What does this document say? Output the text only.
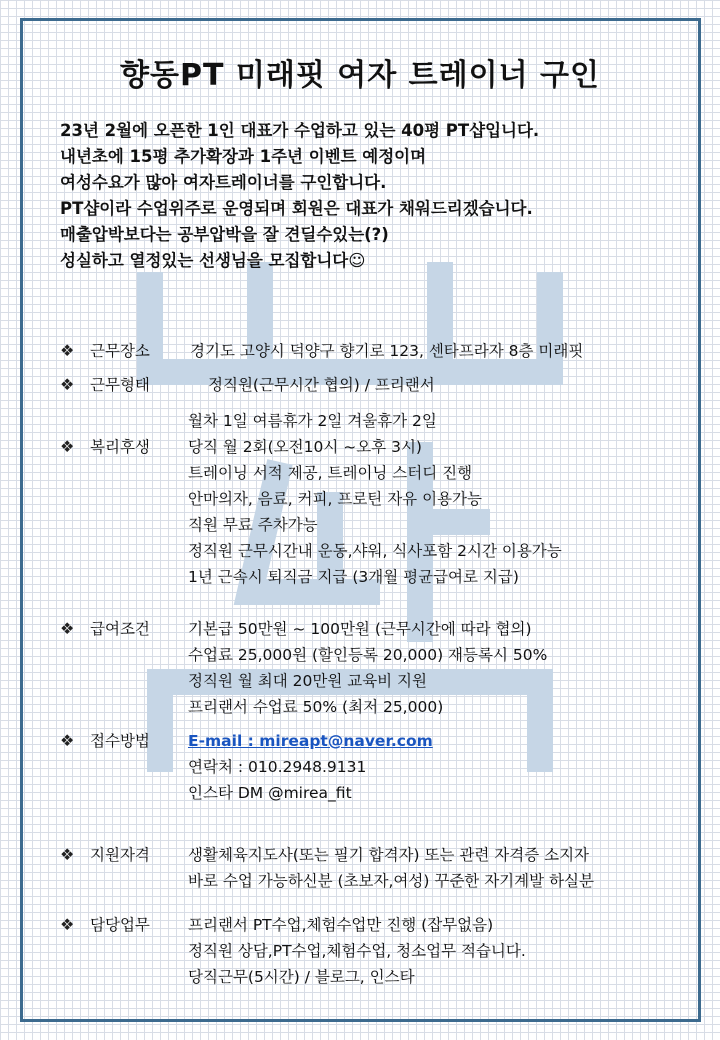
향동PT 미래핏 여자 트레이너 구인
23년 2월에 오픈한 1인 대표가 수업하고 있는 40평 PT샵입니다.
내년초에 15평 추가확장과 1주년 이벤트 예정이며
여성수요가 많아 여자트레이너를 구인합니다.
PT샵이라 수업위주로 운영되며 회원은 대표가 채워드리겠습니다.
매출압박보다는 공부압박을 잘 견딜수있는(?)
성실하고 열정있는 선생님을 모집합니다☺
❖	근무장소	경기도 고양시 덕양구 향기로 123, 센타프라자 8층 미래핏
❖	근무형태	정직원(근무시간 협의) / 프리랜서
❖	복리후생
월차 1일 여름휴가 2일 겨울휴가 2일
당직 월 2회(오전10시 ~오후 3시)
트레이닝 서적 제공, 트레이닝 스터디 진행
안마의자, 음료, 커피, 프로틴 자유 이용가능
직원 무료 주차가능
정직원 근무시간내 운동,샤워, 식사포함 2시간 이용가능
1년 근속시 퇴직금 지급 (3개월 평균급여로 지급)
❖	급여조건 기본급 50만원 ~ 100만원 (근무시간에 따라 협의)
수업료 25,000원 (할인등록 20,000) 재등록시 50%
정직원 월 최대 20만원 교육비 지원
프리랜서 수업료 50% (최저 25,000)
❖	접수방법 E-mail : mireapt@naver.com
연락처 : 010.2948.9131
인스타 DM @mirea_fit
❖	지원자격 생활체육지도사(또는 필기 합격자) 또는 관련 자격증 소지자
바로 수업 가능하신분 (초보자,여성) 꾸준한 자기계발 하실분
❖	담당업무 프리랜서 PT수업,체험수업만 진행 (잡무없음)
정직원 상담,PT수업,체험수업, 청소업무 적습니다.
당직근무(5시간) / 블로그, 인스타
